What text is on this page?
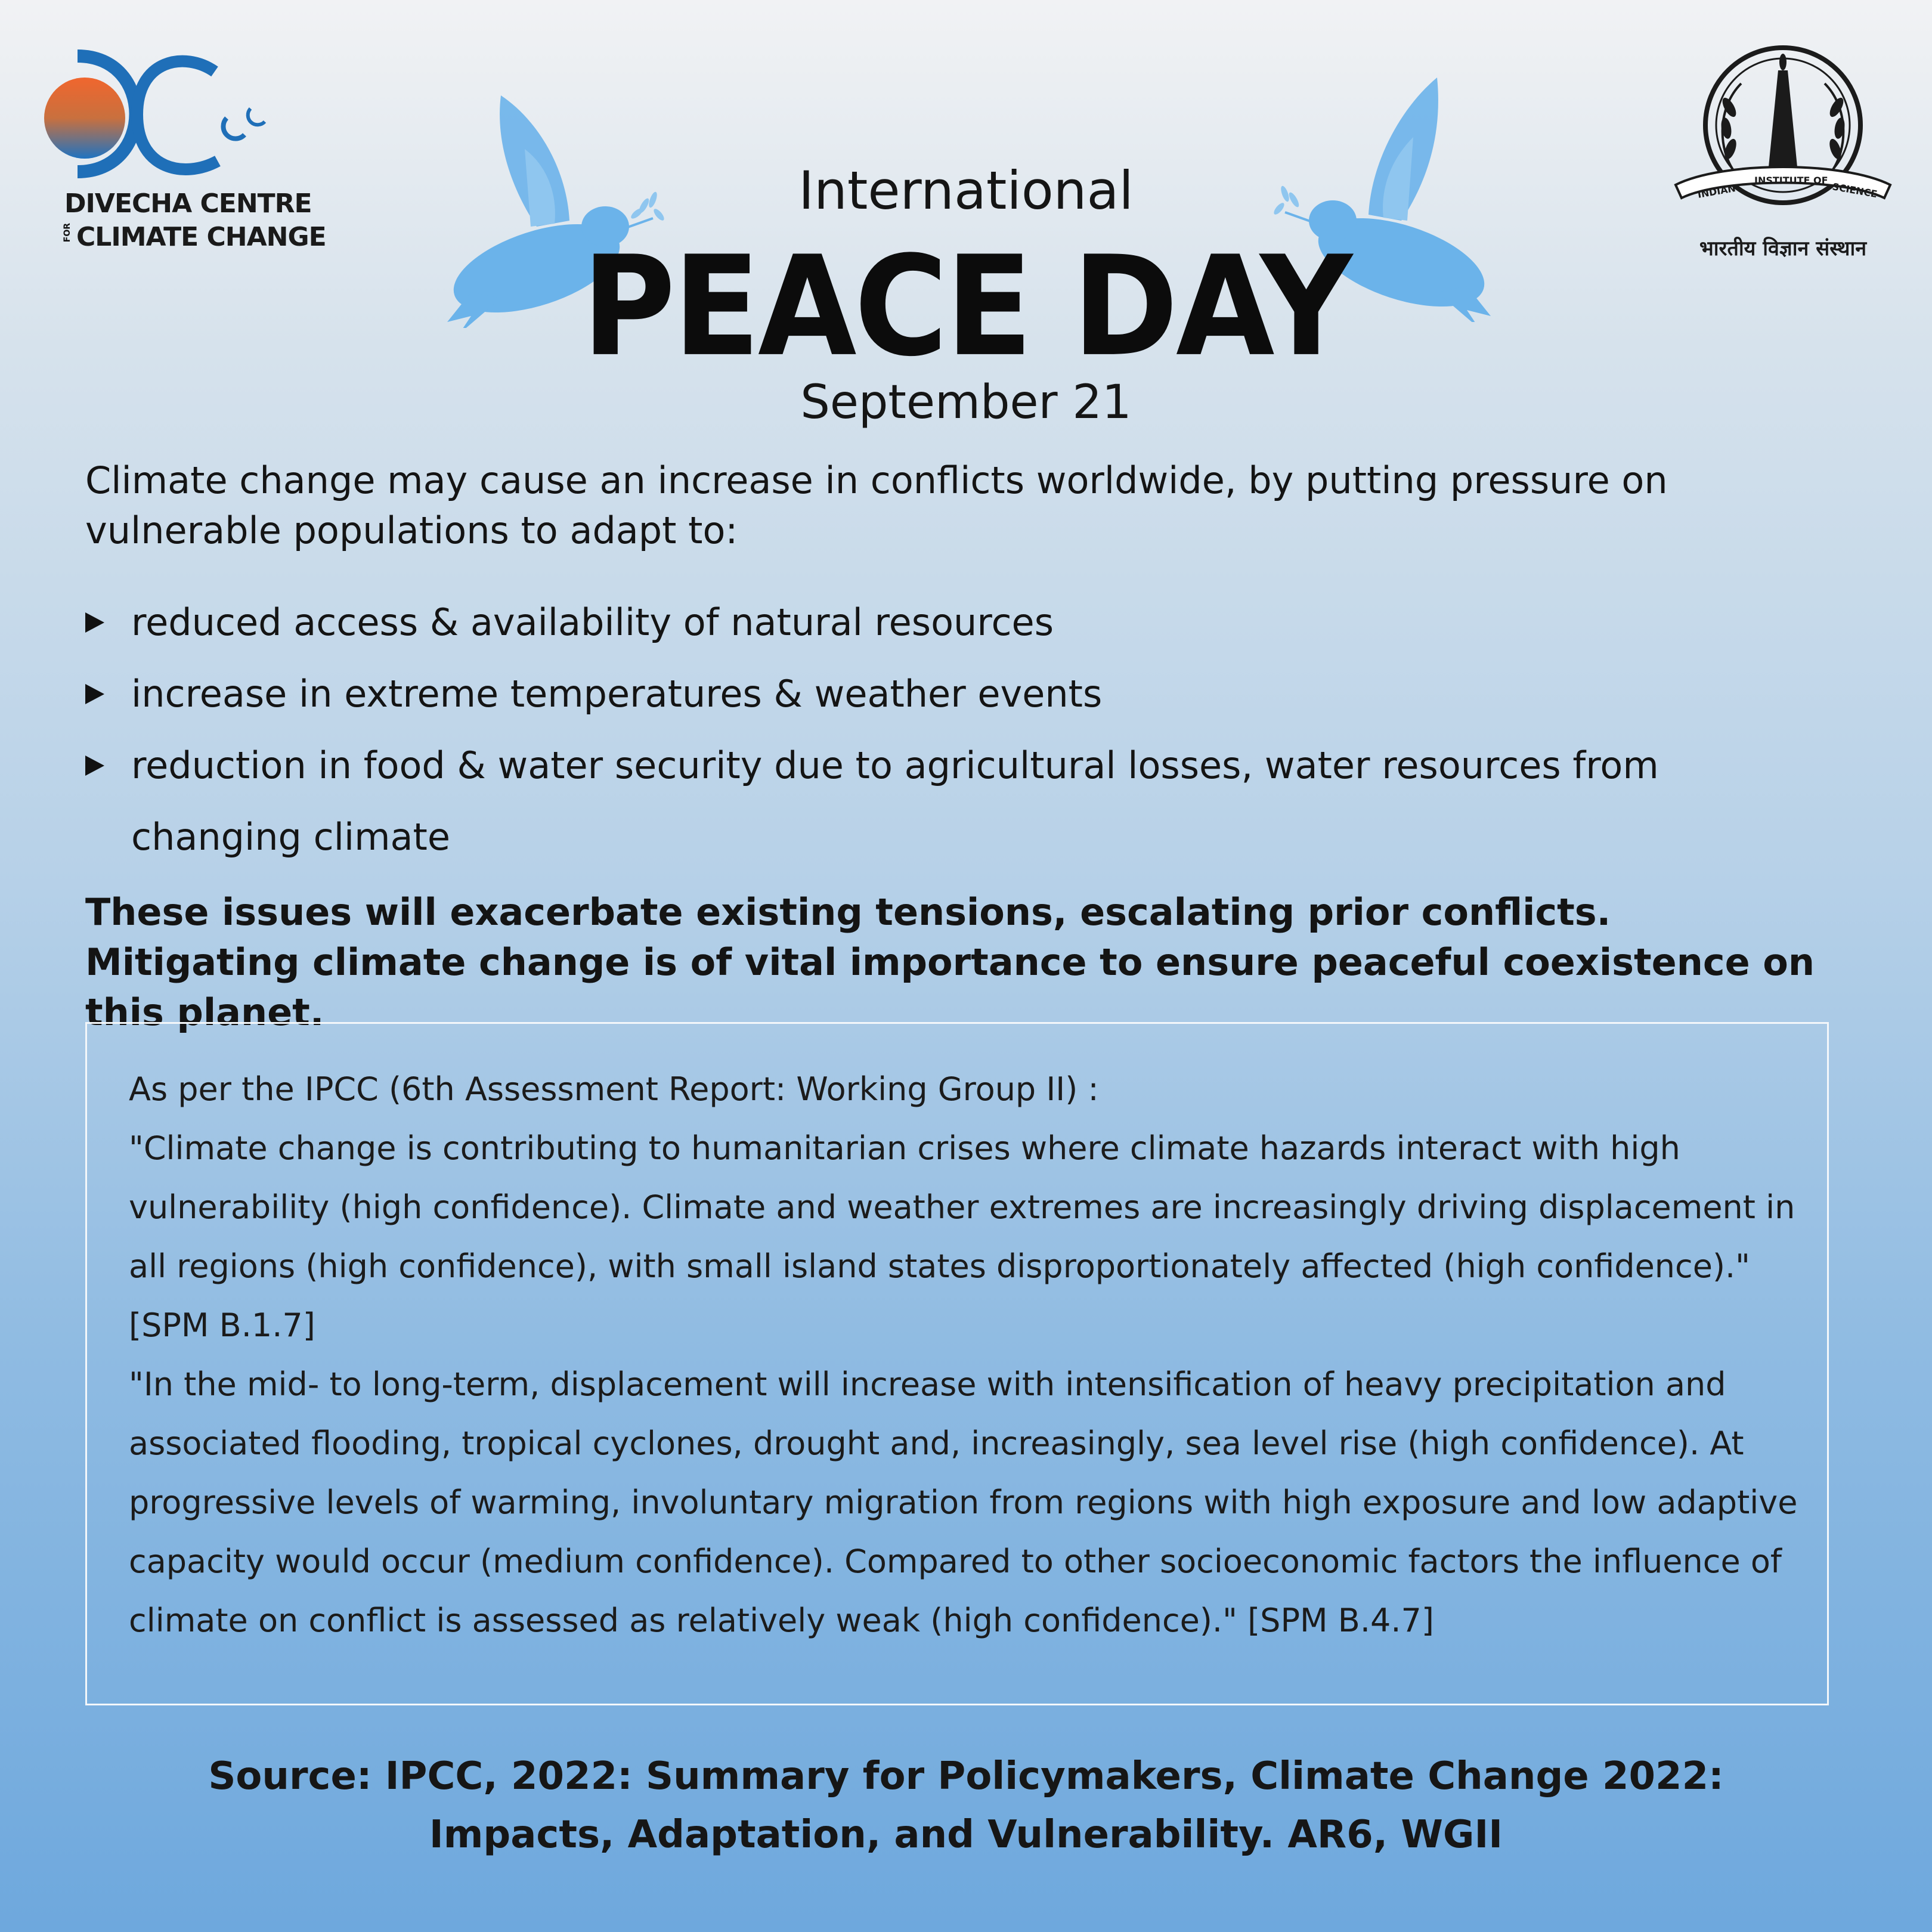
DIVECHA CENTRE
FOR CLIMATE CHANGE
International
PEACE DAY
September 21
INDIAN
INSTITUTE OF
SCIENCE
भारतीय विज्ञान संस्थान
Climate change may cause an increase in conflicts worldwide, by putting pressure on vulnerable populations to adapt to:
reduced access & availability of natural resources
increase in extreme temperatures & weather events
reduction in food & water security due to agricultural losses, water resources from changing climate
These issues will exacerbate existing tensions, escalating prior conflicts. Mitigating climate change is of vital importance to ensure peaceful coexistence on this planet.
As per the IPCC (6th Assessment Report: Working Group II) :
"Climate change is contributing to humanitarian crises where climate hazards interact with high vulnerability (high confidence). Climate and weather extremes are increasingly driving displacement in all regions (high confidence), with small island states disproportionately affected (high confidence)." [SPM B.1.7]
"In the mid- to long-term, displacement will increase with intensification of heavy precipitation and associated flooding, tropical cyclones, drought and, increasingly, sea level rise (high confidence). At progressive levels of warming, involuntary migration from regions with high exposure and low adaptive capacity would occur (medium confidence). Compared to other socioeconomic factors the influence of climate on conflict is assessed as relatively weak (high confidence)." [SPM B.4.7]
Source: IPCC, 2022: Summary for Policymakers, Climate Change 2022:
Impacts, Adaptation, and Vulnerability. AR6, WGII
